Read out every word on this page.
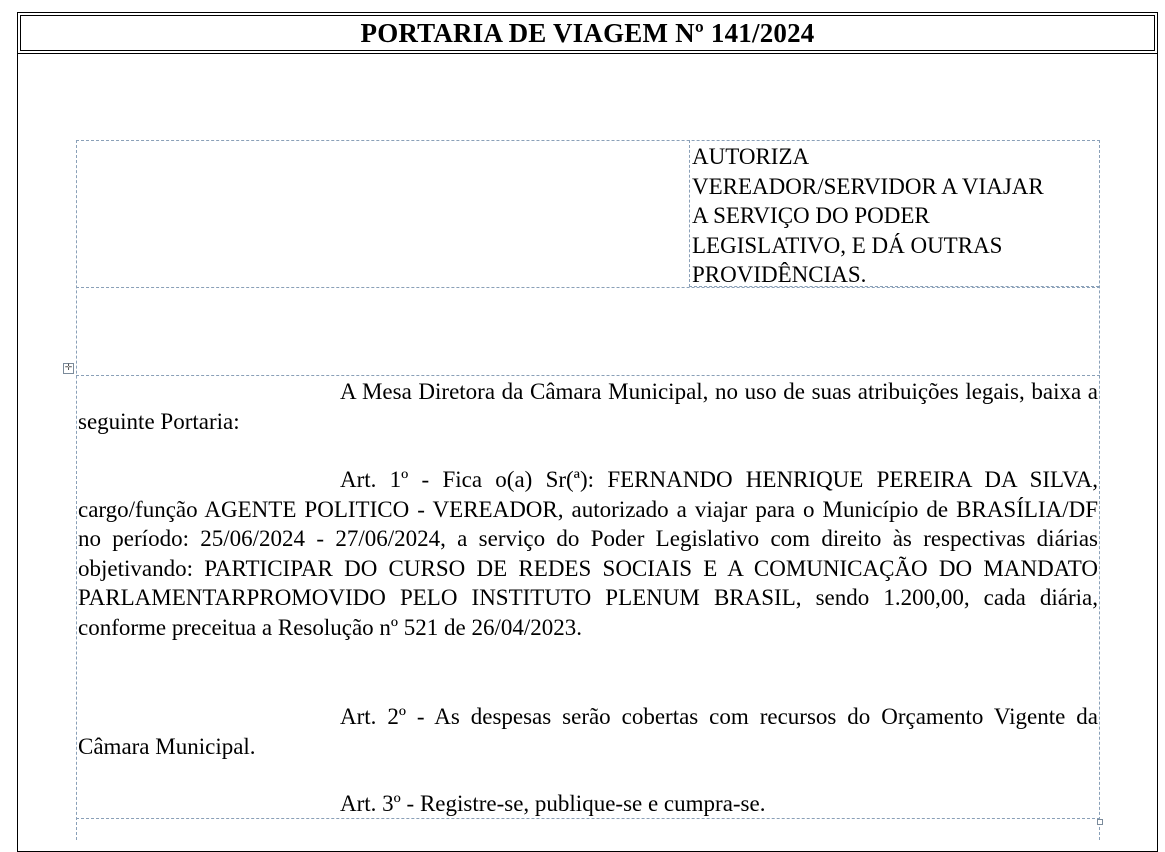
PORTARIA DE VIAGEM Nº 141/2024

AUTORIZA

VEREADOR/SERVIDOR A VIAJAR

A SERVIÇO DO PODER

LEGISLATIVO, E DÁ OUTRAS

PROVIDÊNCIAS.

✛

A Mesa Diretora da Câmara Municipal, no uso de suas atribuições legais, baixa a seguinte Portaria:

Art. 1º - Fica o(a) Sr(ª): FERNANDO HENRIQUE PEREIRA DA SILVA, cargo/função AGENTE POLITICO - VEREADOR, autorizado a viajar para o Município de BRASÍLIA/DF no período: 25/06/2024 - 27/06/2024, a serviço do Poder Legislativo com direito às respectivas diárias objetivando: PARTICIPAR DO CURSO DE REDES SOCIAIS E A COMUNICAÇÃO DO MANDATO PARLAMENTARPROMOVIDO PELO INSTITUTO PLENUM BRASIL, sendo 1.200,00, cada diária, conforme preceitua a Resolução nº 521 de 26/04/2023.

Art. 2º - As despesas serão cobertas com recursos do Orçamento Vigente da Câmara Municipal.

Art. 3º - Registre-se, publique-se e cumpra-se.
